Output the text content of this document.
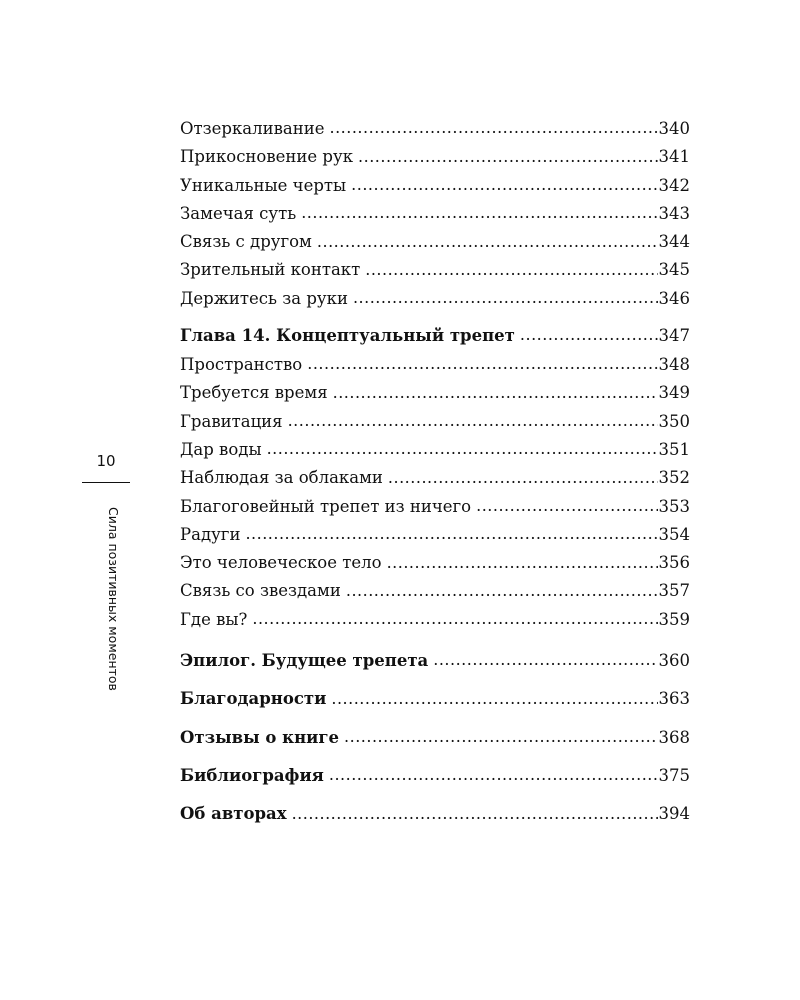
10
Сила позитивных моментов
Отзеркаливание .....	340
Прикосновение рук .....	341
Уникальные черты .....	342
Замечая суть .....	343
Связь с другом .....	344
Зрительный контакт .....	345
Держитесь за руки .....	346
Глава 14. Концептуальный трепет .....	347
Пространство .....	348
Требуется время .....	349
Гравитация .....	350
Дар воды .....	351
Наблюдая за облаками .....	352
Благоговейный трепет из ничего .....	353
Радуги .....	354
Это человеческое тело .....	356
Связь со звездами .....	357
Где вы? .....	359
Эпилог. Будущее трепета .....	360
Благодарности .....	363
Отзывы о книге .....	368
Библиография .....	375
Об авторах .....	394
